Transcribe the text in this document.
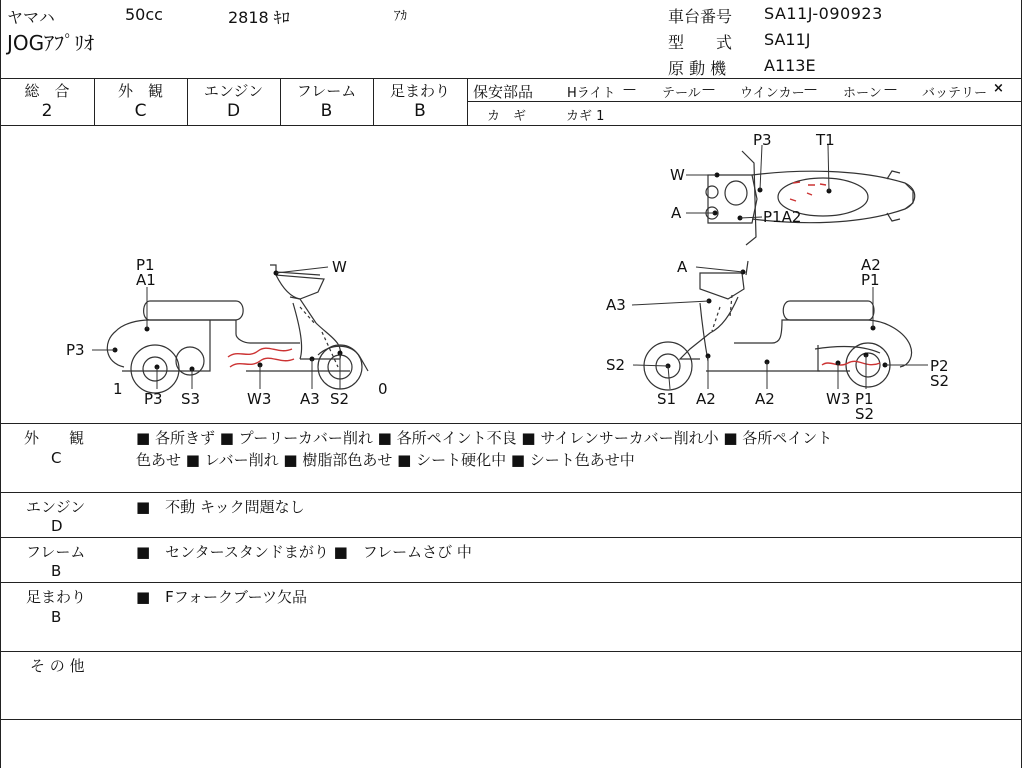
ヤマハ	50cc	2818 ｷﾛ	ｱｶ
JOGｱﾌﾟﾘｵ
車台番号 SA11J-090923
型　　式 SA11J
原 動 機 A113E
総　合
2
外　観
C
エンジン
D
フレーム
B
足まわり
B
保安部品	Hライト — テール — ウインカー — ホーン — バッテリー ×
カ　ギ	カギ 1
P3	T1
W
A	P1A2
P1
A1
W
P3
1
P3 S3	W3 A3 S2
0
A	A2
P1
A3
S2	P2
S2
S1 A2	A2	W3 P1
S2
外　　観
C
■ 各所きず ■ プーリーカバー削れ ■ 各所ペイント不良 ■ サイレンサーカバー削れ小 ■ 各所ペイント
色あせ ■ レバー削れ ■ 樹脂部色あせ ■ シート硬化中 ■ シート色あせ中
エンジン
D
■　不動 キック問題なし
フレーム
B
■　センタースタンドまがり ■　フレームさび 中
足まわり
B
■　Fフォークブーツ欠品
そ の 他
